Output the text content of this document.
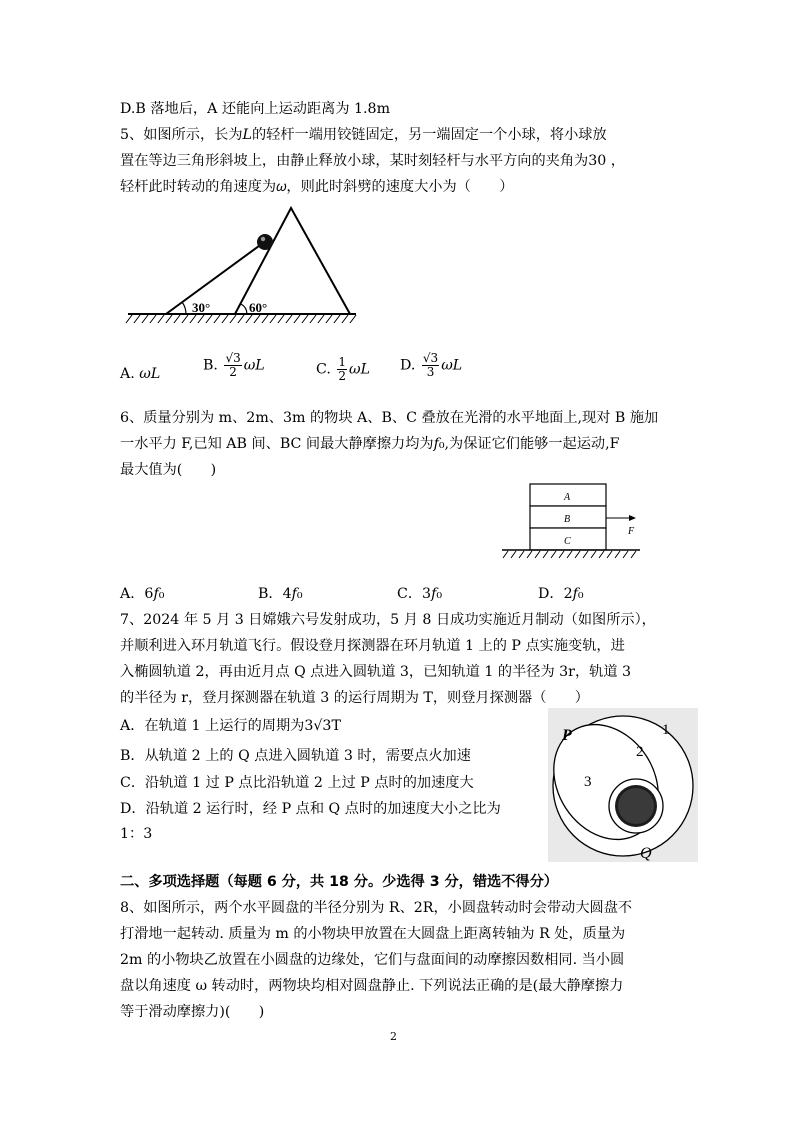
D.B 落地后，A 还能向上运动距离为 1.8m
5、如图所示，长为𝐿的轻杆一端用铰链固定，另一端固定一个小球，将小球放
置在等边三角形斜坡上，由静止释放小球，某时刻轻杆与水平方向的夹角为30 ，
轻杆此时转动的角速度为𝜔，则此时斜劈的速度大小为（　　）
30°	60°
A. ωL
B. $\frac{√3}{2}$ ωL	C. $\frac{1}{2}$ ωL D. $\frac{√3}{3}$ ωL
6、质量分别为 m、2m、3m 的物块 A、B、C 叠放在光滑的水平地面上,现对 B 施加
一水平力 F,已知 AB 间、BC 间最大静摩擦力均为𝑓₀,为保证它们能够一起运动,F
最大值为(　　)
A
B
C
F
A．6𝑓₀	B．4𝑓₀	C．3𝑓₀	D．2𝑓₀
7、2024 年 5 月 3 日嫦娥六号发射成功，5 月 8 日成功实施近月制动（如图所示），
并顺利进入环月轨道飞行。假设登月探测器在环月轨道 1 上的 P 点实施变轨，进
入椭圆轨道 2，再由近月点 Q 点进入圆轨道 3，已知轨道 1 的半径为 3r，轨道 3
的半径为 r，登月探测器在轨道 3 的运行周期为 T，则登月探测器（　　）
A．在轨道 1 上运行的周期为3√3T
B．从轨道 2 上的 Q 点进入圆轨道 3 时，需要点火加速
C．沿轨道 1 过 P 点比沿轨道 2 上过 P 点时的加速度大
D．沿轨道 2 运行时，经 P 点和 Q 点时的加速度大小之比为
1：3
P
Q
1
2
3
二、多项选择题（每题 6 分，共 18 分。少选得 3 分，错选不得分）
8、如图所示，两个水平圆盘的半径分别为 R、2R，小圆盘转动时会带动大圆盘不
打滑地一起转动. 质量为 m 的小物块甲放置在大圆盘上距离转轴为 R 处，质量为
2m 的小物块乙放置在小圆盘的边缘处，它们与盘面间的动摩擦因数相同. 当小圆
盘以角速度 ω 转动时，两物块均相对圆盘静止. 下列说法正确的是(最大静摩擦力
等于滑动摩擦力)(　　)
2
